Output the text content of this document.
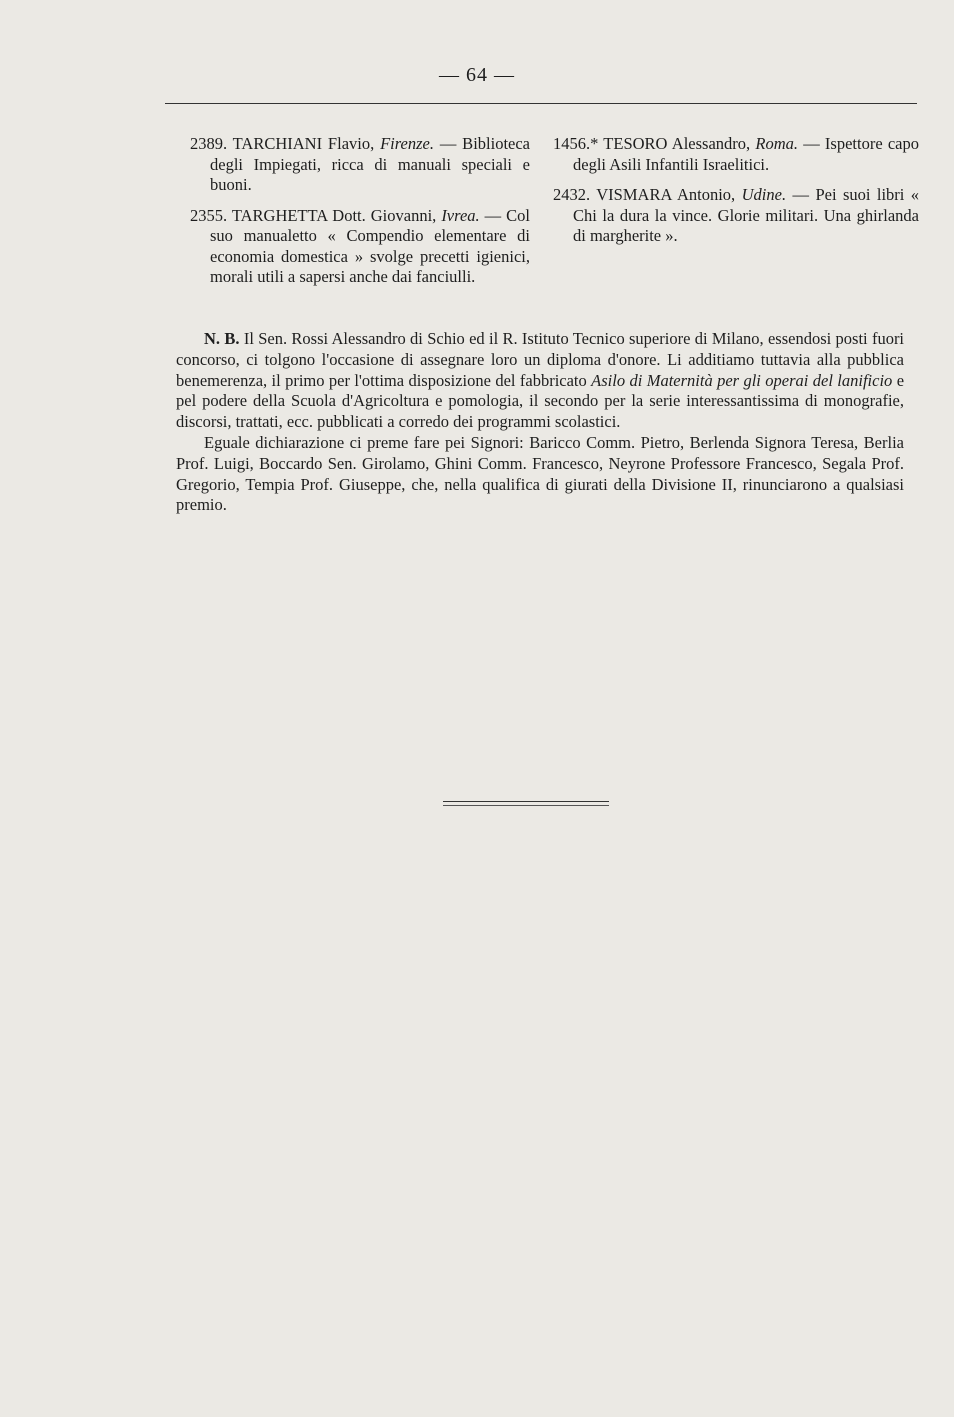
— 64 —

2389. TARCHIANI Flavio, Firenze. — Biblioteca degli Impiegati, ricca di manuali speciali e buoni.

2355. TARGHETTA Dott. Giovanni, Ivrea. — Col suo manualetto « Compendio elementare di economia domestica » svolge precetti igienici, morali utili a sapersi anche dai fanciulli.

1456.* TESORO Alessandro, Roma. — Ispettore capo degli Asili Infantili Israelitici.

2432. VISMARA Antonio, Udine. — Pei suoi libri « Chi la dura la vince. Glorie militari. Una ghirlanda di margherite ».

N. B. Il Sen. Rossi Alessandro di Schio ed il R. Istituto Tecnico superiore di Milano, essendosi posti fuori concorso, ci tolgono l'occasione di assegnare loro un diploma d'onore. Li additiamo tuttavia alla pubblica benemerenza, il primo per l'ottima disposizione del fabbricato Asilo di Maternità per gli operai del lanificio e pel podere della Scuola d'Agricoltura e pomologia, il secondo per la serie interessantissima di monografie, discorsi, trattati, ecc. pubblicati a corredo dei programmi scolastici.

Eguale dichiarazione ci preme fare pei Signori: Baricco Comm. Pietro, Berlenda Signora Teresa, Berlia Prof. Luigi, Boccardo Sen. Girolamo, Ghini Comm. Francesco, Neyrone Professore Francesco, Segala Prof. Gregorio, Tempia Prof. Giuseppe, che, nella qualifica di giurati della Divisione II, rinunciarono a qualsiasi premio.
